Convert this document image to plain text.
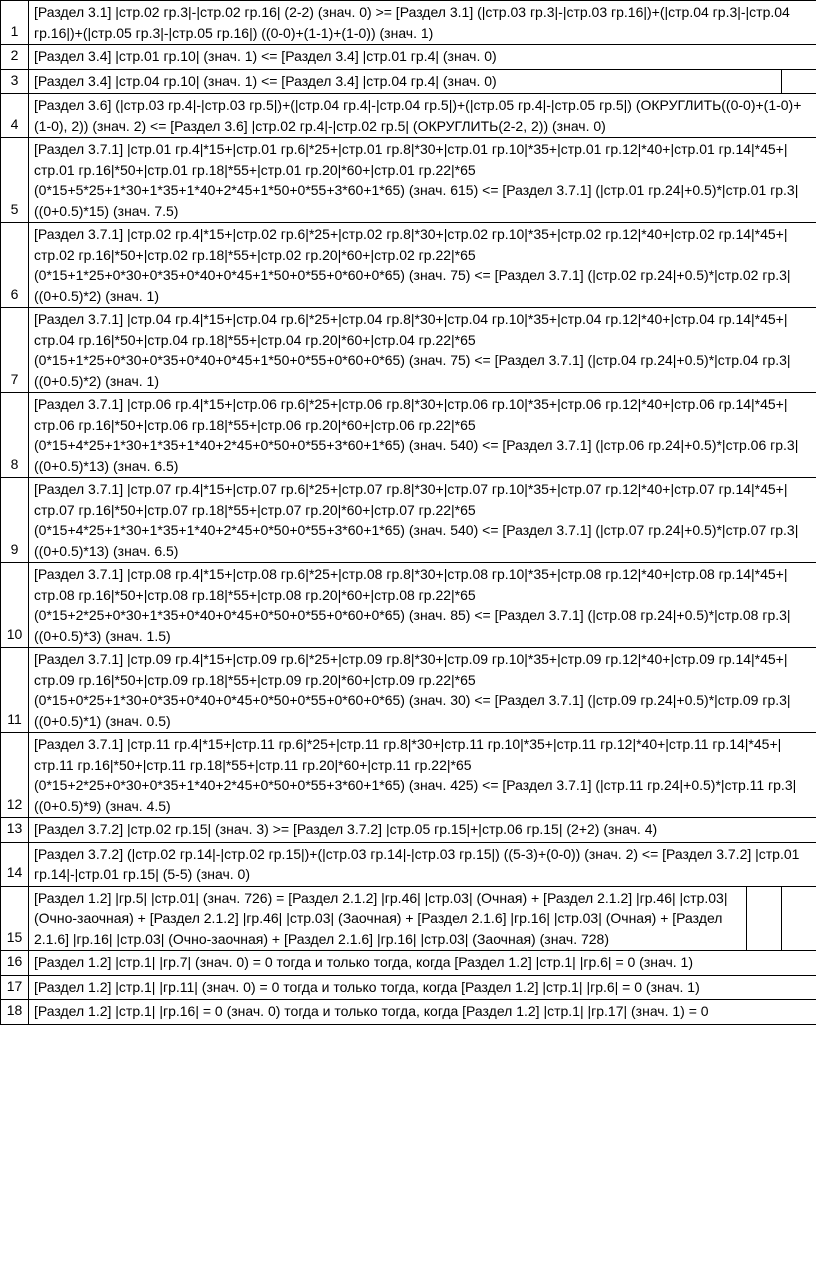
1
[Раздел 3.1] |стр.02 гр.3|-|стр.02 гр.16| (2-2) (знач. 0) >= [Раздел 3.1] (|стр.03 гр.3|-|стр.03 гр.16|)+(|стр.04 гр.3|-|стр.04 гр.16|)+(|стр.05 гр.3|-|стр.05 гр.16|) ((0-0)+(1-1)+(1-0)) (знач. 1)
2	[Раздел 3.4] |стр.01 гр.10| (знач. 1) <= [Раздел 3.4] |стр.01 гр.4| (знач. 0)
3	[Раздел 3.4] |стр.04 гр.10| (знач. 1) <= [Раздел 3.4] |стр.04 гр.4| (знач. 0)
4
[Раздел 3.6] (|стр.03 гр.4|-|стр.03 гр.5|)+(|стр.04 гр.4|-|стр.04 гр.5|)+(|стр.05 гр.4|-|стр.05 гр.5|) (ОКРУГЛИТЬ((0-0)+(1-0)+(1-0), 2)) (знач. 2) <= [Раздел 3.6] |стр.02 гр.4|-|стр.02 гр.5| (ОКРУГЛИТЬ(2-2, 2)) (знач. 0)
5
[Раздел 3.7.1] |стр.01 гр.4|*15+|стр.01 гр.6|*25+|стр.01 гр.8|*30+|стр.01 гр.10|*35+|стр.01 гр.12|*40+|стр.01 гр.14|*45+|стр.01 гр.16|*50+|стр.01 гр.18|*55+|стр.01 гр.20|*60+|стр.01 гр.22|*65 (0*15+5*25+1*30+1*35+1*40+2*45+1*50+0*55+3*60+1*65) (знач. 615) <= [Раздел 3.7.1] (|стр.01 гр.24|+0.5)*|стр.01 гр.3| ((0+0.5)*15) (знач. 7.5)
6
[Раздел 3.7.1] |стр.02 гр.4|*15+|стр.02 гр.6|*25+|стр.02 гр.8|*30+|стр.02 гр.10|*35+|стр.02 гр.12|*40+|стр.02 гр.14|*45+|стр.02 гр.16|*50+|стр.02 гр.18|*55+|стр.02 гр.20|*60+|стр.02 гр.22|*65 (0*15+1*25+0*30+0*35+0*40+0*45+1*50+0*55+0*60+0*65) (знач. 75) <= [Раздел 3.7.1] (|стр.02 гр.24|+0.5)*|стр.02 гр.3| ((0+0.5)*2) (знач. 1)
7
[Раздел 3.7.1] |стр.04 гр.4|*15+|стр.04 гр.6|*25+|стр.04 гр.8|*30+|стр.04 гр.10|*35+|стр.04 гр.12|*40+|стр.04 гр.14|*45+|стр.04 гр.16|*50+|стр.04 гр.18|*55+|стр.04 гр.20|*60+|стр.04 гр.22|*65 (0*15+1*25+0*30+0*35+0*40+0*45+1*50+0*55+0*60+0*65) (знач. 75) <= [Раздел 3.7.1] (|стр.04 гр.24|+0.5)*|стр.04 гр.3| ((0+0.5)*2) (знач. 1)
8
[Раздел 3.7.1] |стр.06 гр.4|*15+|стр.06 гр.6|*25+|стр.06 гр.8|*30+|стр.06 гр.10|*35+|стр.06 гр.12|*40+|стр.06 гр.14|*45+|стр.06 гр.16|*50+|стр.06 гр.18|*55+|стр.06 гр.20|*60+|стр.06 гр.22|*65 (0*15+4*25+1*30+1*35+1*40+2*45+0*50+0*55+3*60+1*65) (знач. 540) <= [Раздел 3.7.1] (|стр.06 гр.24|+0.5)*|стр.06 гр.3| ((0+0.5)*13) (знач. 6.5)
9
[Раздел 3.7.1] |стр.07 гр.4|*15+|стр.07 гр.6|*25+|стр.07 гр.8|*30+|стр.07 гр.10|*35+|стр.07 гр.12|*40+|стр.07 гр.14|*45+|стр.07 гр.16|*50+|стр.07 гр.18|*55+|стр.07 гр.20|*60+|стр.07 гр.22|*65 (0*15+4*25+1*30+1*35+1*40+2*45+0*50+0*55+3*60+1*65) (знач. 540) <= [Раздел 3.7.1] (|стр.07 гр.24|+0.5)*|стр.07 гр.3| ((0+0.5)*13) (знач. 6.5)
10
[Раздел 3.7.1] |стр.08 гр.4|*15+|стр.08 гр.6|*25+|стр.08 гр.8|*30+|стр.08 гр.10|*35+|стр.08 гр.12|*40+|стр.08 гр.14|*45+|стр.08 гр.16|*50+|стр.08 гр.18|*55+|стр.08 гр.20|*60+|стр.08 гр.22|*65 (0*15+2*25+0*30+1*35+0*40+0*45+0*50+0*55+0*60+0*65) (знач. 85) <= [Раздел 3.7.1] (|стр.08 гр.24|+0.5)*|стр.08 гр.3| ((0+0.5)*3) (знач. 1.5)
11
[Раздел 3.7.1] |стр.09 гр.4|*15+|стр.09 гр.6|*25+|стр.09 гр.8|*30+|стр.09 гр.10|*35+|стр.09 гр.12|*40+|стр.09 гр.14|*45+|стр.09 гр.16|*50+|стр.09 гр.18|*55+|стр.09 гр.20|*60+|стр.09 гр.22|*65 (0*15+0*25+1*30+0*35+0*40+0*45+0*50+0*55+0*60+0*65) (знач. 30) <= [Раздел 3.7.1] (|стр.09 гр.24|+0.5)*|стр.09 гр.3| ((0+0.5)*1) (знач. 0.5)
12
[Раздел 3.7.1] |стр.11 гр.4|*15+|стр.11 гр.6|*25+|стр.11 гр.8|*30+|стр.11 гр.10|*35+|стр.11 гр.12|*40+|стр.11 гр.14|*45+|стр.11 гр.16|*50+|стр.11 гр.18|*55+|стр.11 гр.20|*60+|стр.11 гр.22|*65 (0*15+2*25+0*30+0*35+1*40+2*45+0*50+0*55+3*60+1*65) (знач. 425) <= [Раздел 3.7.1] (|стр.11 гр.24|+0.5)*|стр.11 гр.3| ((0+0.5)*9) (знач. 4.5)
13 [Раздел 3.7.2] |стр.02 гр.15| (знач. 3) >= [Раздел 3.7.2] |стр.05 гр.15|+|стр.06 гр.15| (2+2) (знач. 4)
14
[Раздел 3.7.2] (|стр.02 гр.14|-|стр.02 гр.15|)+(|стр.03 гр.14|-|стр.03 гр.15|) ((5-3)+(0-0)) (знач. 2) <= [Раздел 3.7.2] |стр.01 гр.14|-|стр.01 гр.15| (5-5) (знач. 0)
15
[Раздел 1.2] |гр.5| |стр.01| (знач. 726) = [Раздел 2.1.2] |гр.46| |стр.03| (Очная) + [Раздел 2.1.2] |гр.46| |стр.03| (Очно-заочная) + [Раздел 2.1.2] |гр.46| |стр.03| (Заочная) + [Раздел 2.1.6] |гр.16| |стр.03| (Очная) + [Раздел 2.1.6] |гр.16| |стр.03| (Очно-заочная) + [Раздел 2.1.6] |гр.16| |стр.03| (Заочная) (знач. 728)
16 [Раздел 1.2] |стр.1| |гр.7| (знач. 0) = 0 тогда и только тогда, когда [Раздел 1.2] |стр.1| |гр.6| = 0 (знач. 1)
17 [Раздел 1.2] |стр.1| |гр.11| (знач. 0) = 0 тогда и только тогда, когда [Раздел 1.2] |стр.1| |гр.6| = 0 (знач. 1)
18 [Раздел 1.2] |стр.1| |гр.16| = 0 (знач. 0) тогда и только тогда, когда [Раздел 1.2] |стр.1| |гр.17| (знач. 1) = 0
